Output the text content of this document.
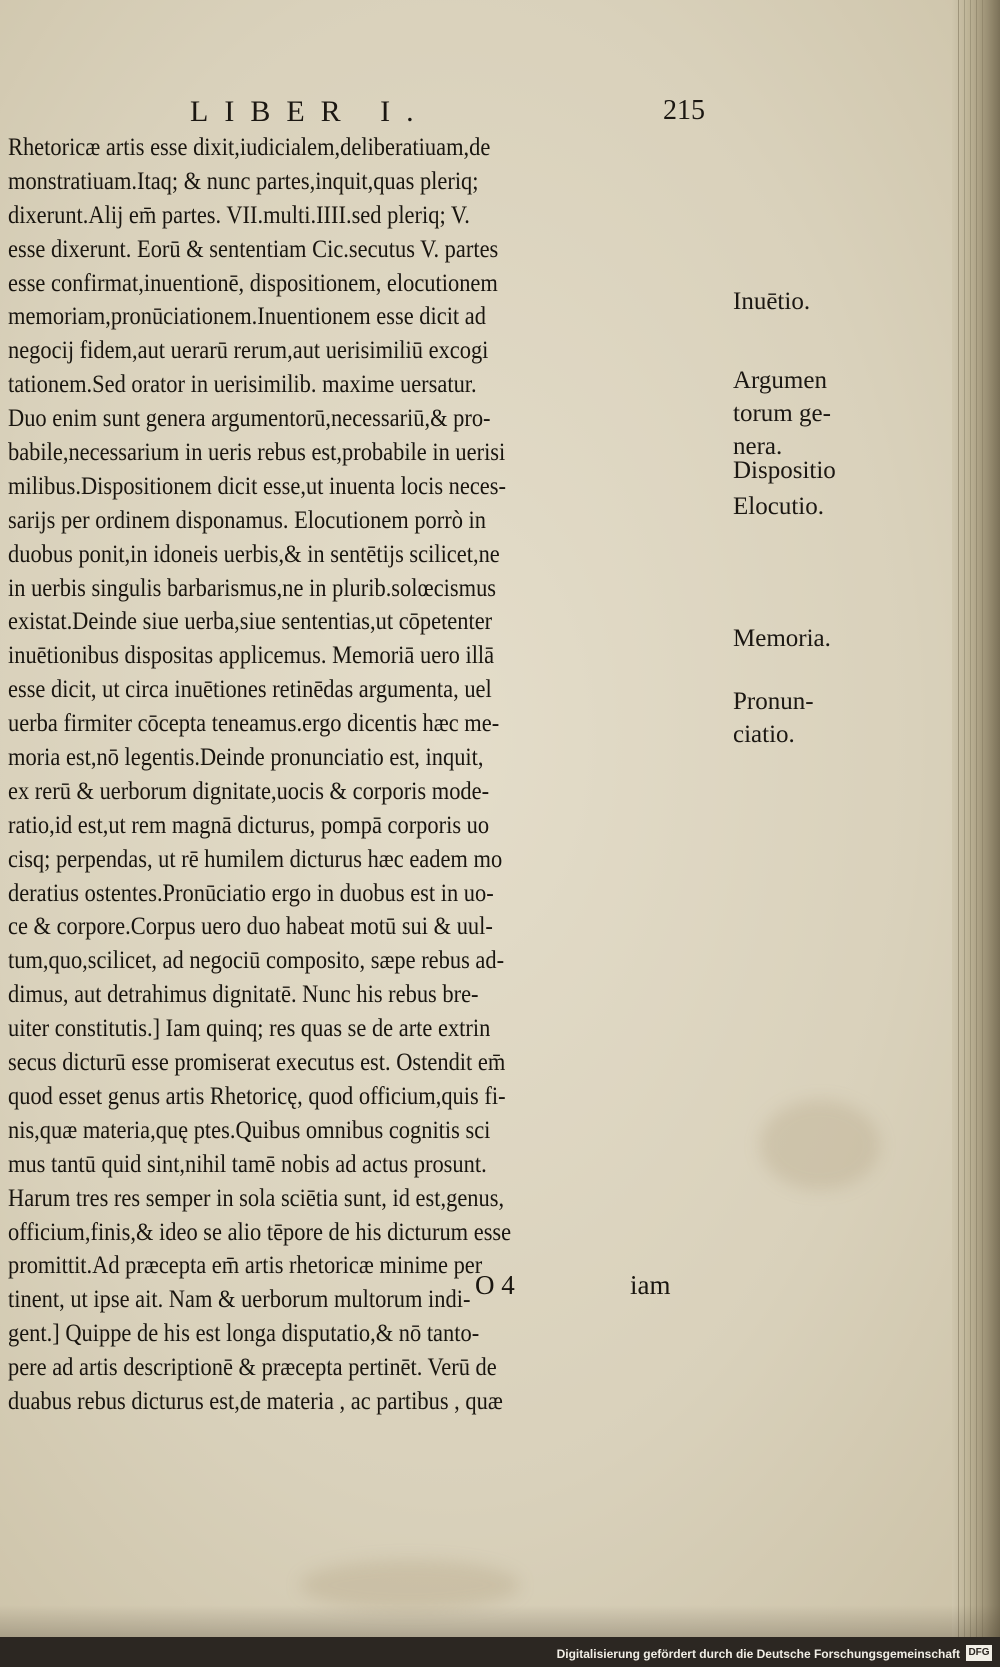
LIBER I.	215
Rhetoricæ artis esse dixit,iudicialem,deliberatiuam,de
monstratiuam.Itaq; & nunc partes,inquit,quas pleriq;
dixerunt.Alij em̄ partes. VII.multi.IIII.sed pleriq; V.
esse dixerunt. Eorū & sententiam Cic.secutus V. partes
esse confirmat,inuentionē, dispositionem, elocutionem
memoriam,pronūciationem.Inuentionem esse dicit ad
negocij fidem,aut uerarū rerum,aut uerisimiliū excogi
tationem.Sed orator in uerisimilib. maxime uersatur.
Duo enim sunt genera argumentorū,necessariū,& pro-
babile,necessarium in ueris rebus est,probabile in uerisi
milibus.Dispositionem dicit esse,ut inuenta locis neces-
sarijs per ordinem disponamus. Elocutionem porrò in
duobus ponit,in idoneis uerbis,& in sentētijs scilicet,ne
in uerbis singulis barbarismus,ne in plurib.solœcismus
existat.Deinde siue uerba,siue sententias,ut cōpetenter
inuētionibus dispositas applicemus. Memoriā uero illā
esse dicit, ut circa inuētiones retinēdas argumenta, uel
uerba firmiter cōcepta teneamus.ergo dicentis hæc me-
moria est,nō legentis.Deinde pronunciatio est, inquit,
ex rerū & uerborum dignitate,uocis & corporis mode-
ratio,id est,ut rem magnā dicturus, pompā corporis uo
cisq; perpendas, ut rē humilem dicturus hæc eadem mo
deratius ostentes.Pronūciatio ergo in duobus est in uo-
ce & corpore.Corpus uero duo habeat motū sui & uul-
tum,quo,scilicet, ad negociū composito, sæpe rebus ad-
dimus, aut detrahimus dignitatē. Nunc his rebus bre-
uiter constitutis.] Iam quinq; res quas se de arte extrin
secus dicturū esse promiserat executus est. Ostendit em̄
quod esset genus artis Rhetoricę, quod officium,quis fi-
nis,quæ materia,quę ptes.Quibus omnibus cognitis sci
mus tantū quid sint,nihil tamē nobis ad actus prosunt.
Harum tres res semper in sola sciētia sunt, id est,genus,
officium,finis,& ideo se alio tēpore de his dicturum esse
promittit.Ad præcepta em̄ artis rhetoricæ minime per
tinent, ut ipse ait. Nam & uerborum multorum indi-
gent.] Quippe de his est longa disputatio,& nō tanto-
pere ad artis descriptionē & præcepta pertinēt. Verū de
duabus rebus dicturus est,de materia , ac partibus , quæ
Inuētio.
Argumen
torum ge-
nera.
Dispositio
Elocutio.
Memoria.
Pronun-
ciatio.
O 4	iam
Digitalisierung gefördert durch die Deutsche Forschungsgemeinschaft DFG
